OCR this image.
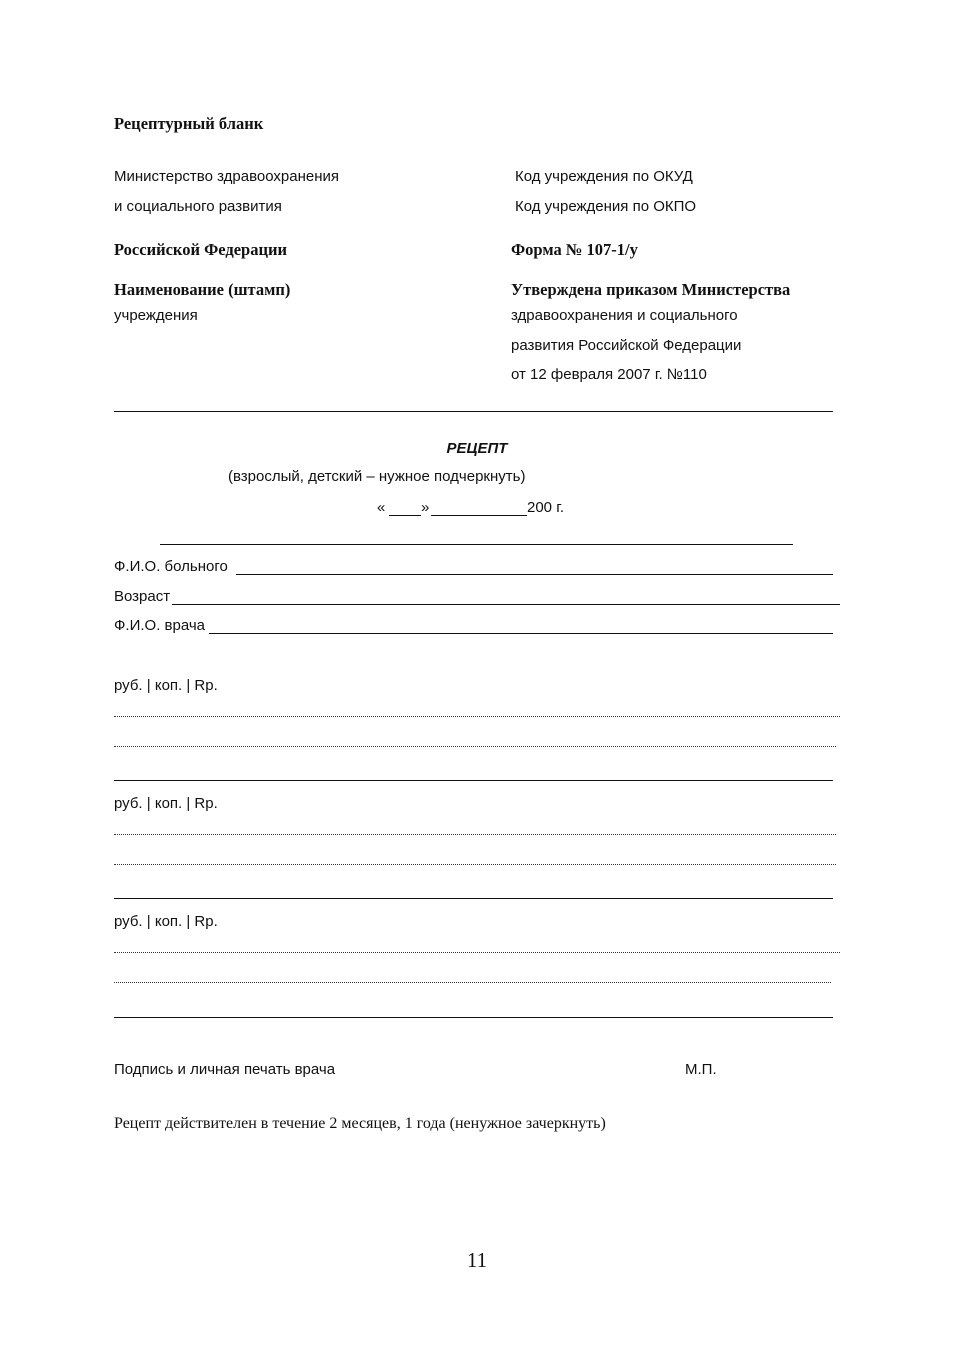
Рецептурный бланк
Министерство здравоохранения
и социального развития
Российской Федерации
Наименование (штамп)
учреждения
Код учреждения по ОКУД
Код учреждения по ОКПО
Форма № 107-1/у
Утверждена приказом Министерства
здравоохранения и социального
развития Российской Федерации
от 12 февраля 2007 г. №110
РЕЦЕПТ
(взрослый, детский – нужное подчеркнуть)
« »	200 г.
Ф.И.О. больного
Возраст
Ф.И.О. врача
руб. | коп. | Rp.
руб. | коп. | Rp.
руб. | коп. | Rp.
Подпись и личная печать врача	М.П.
Рецепт действителен в течение 2 месяцев, 1 года (ненужное зачеркнуть)
11
